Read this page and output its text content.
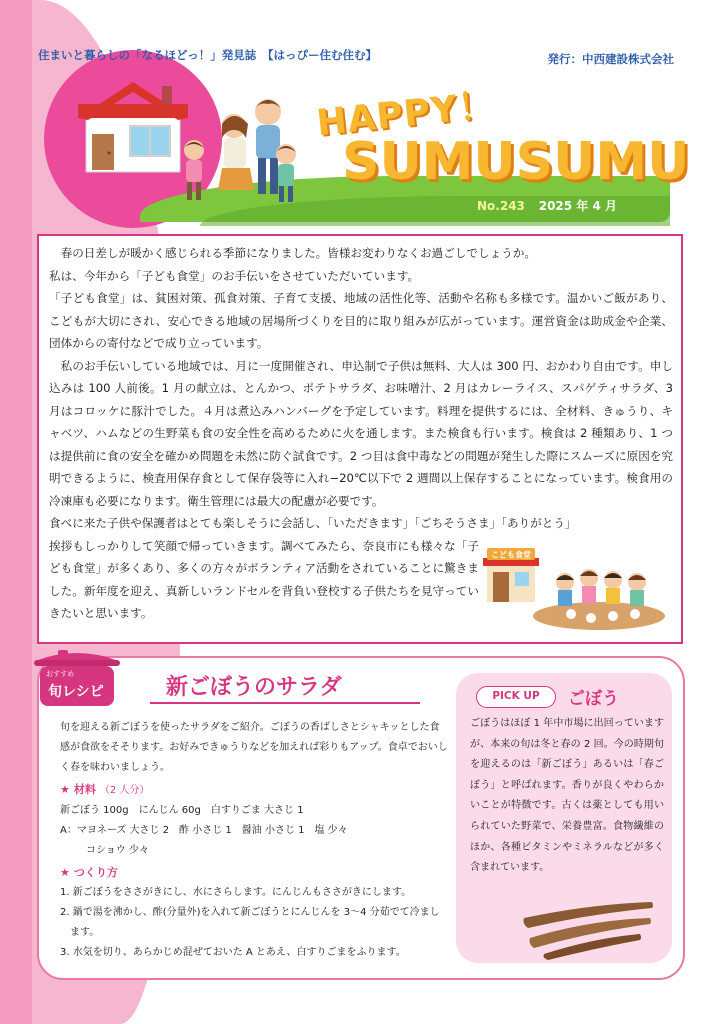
住まいと暮らしの「なるほどっ！」発見誌　【はっぴー住む住む】	発行：中西建設株式会社
HAPPY！
SUMUSUMU
No.243 2025 年 4 月

　春の日差しが暖かく感じられる季節になりました。皆様お変わりなくお過ごしでしょうか。

私は、今年から「子ども食堂」のお手伝いをさせていただいています。

「子ども食堂」は、貧困対策、孤食対策、子育て支援、地域の活性化等、活動や名称も多様です。温かいご飯があり、こどもが大切にされ、安心できる地域の居場所づくりを目的に取り組みが広がっています。運営資金は助成金や企業、団体からの寄付などで成り立っています。

　私のお手伝いしている地域では、月に一度開催され、申込制で子供は無料、大人は 300 円、おかわり自由です。申し込みは 100 人前後。1 月の献立は、とんかつ、ポテトサラダ、お味噌汁、2 月はカレーライス、スパゲティサラダ、3 月はコロッケに豚汁でした。４月は煮込みハンバーグを予定しています。料理を提供するには、全材料、きゅうり、キャベツ、ハムなどの生野菜も食の安全性を高めるために火を通します。また検食も行います。検食は 2 種類あり、1 つは提供前に食の安全を確かめ問題を未然に防ぐ試食です。2 つ目は食中毒などの問題が発生した際にスムーズに原因を究明できるように、検査用保存食として保存袋等に入れ−20℃以下で 2 週間以上保存することになっています。検食用の冷凍庫も必要になります。衛生管理には最大の配慮が必要です。

食べに来た子供や保護者はとても楽しそうに会話し、「いただきます」「ごちそうさま」「ありがとう」

挨拶もしっかりして笑顔で帰っていきます。調べてみたら、奈良市にも様々な「子ども食堂」が多くあり、多くの方々がボランティア活動をされていることに驚きました。新年度を迎え、真新しいランドセルを背負い登校する子供たちを見守っていきたいと思います。

こども食堂
おすすめ
旬レシピ	新ごぼうのサラダ
旬を迎える新ごぼうを使ったサラダをご紹介。ごぼうの香ばしさとシャキッとした食感が食欲をそそります。お好みできゅうりなどを加えれば彩りもアップ。食卓でおいしく春を味わいましょう。
★ 材料 （2 人分）
新ごぼう 100g　にんじん 60g　白すりごま 大さじ 1
A：マヨネーズ 大さじ 2　酢 小さじ 1　醤油 小さじ 1　塩 少々
コショウ 少々
★ つくり方
1. 新ごぼうをささがきにし、水にさらします。にんじんもささがきにします。
2. 鍋で湯を沸かし、酢(分量外)を入れて新ごぼうとにんじんを 3〜4 分茹でて冷まします。
3. 水気を切り、あらかじめ混ぜておいた A とあえ、白すりごまをふります。
PICK UP	ごぼう
ごぼうはほぼ 1 年中市場に出回っていますが、本来の旬は冬と春の 2 回。今の時期旬を迎えるのは「新ごぼう」あるいは「春ごぼう」と呼ばれます。香りが良くやわらかいことが特徴です。古くは薬としても用いられていた野菜で、栄養豊富。食物繊維のほか、各種ビタミンやミネラルなどが多く含まれています。
